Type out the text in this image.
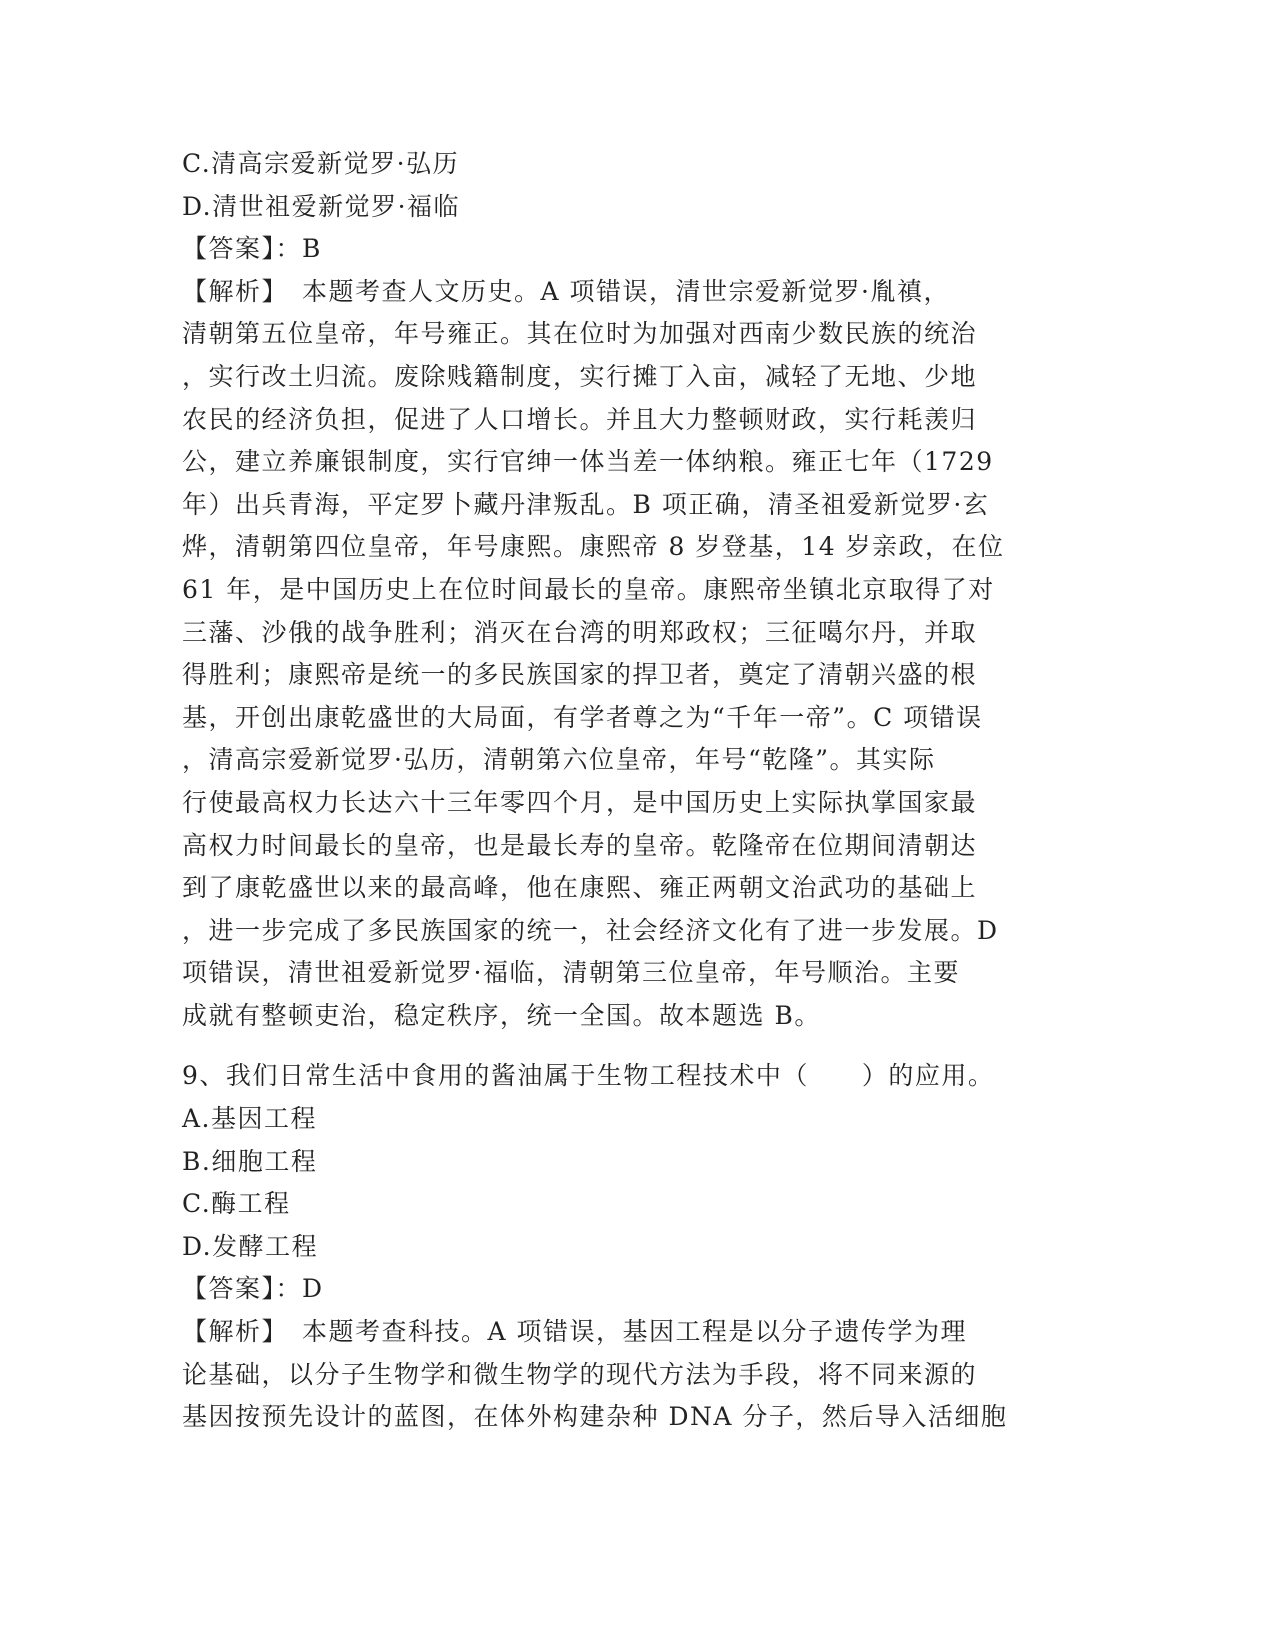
C.清高宗爱新觉罗·弘历
D.清世祖爱新觉罗·福临
【答案】：B
【解析】　本题考查人文历史。A 项错误，清世宗爱新觉罗·胤禛，
清朝第五位皇帝，年号雍正。其在位时为加强对西南少数民族的统治
，实行改土归流。废除贱籍制度，实行摊丁入亩，减轻了无地、少地
农民的经济负担，促进了人口增长。并且大力整顿财政，实行耗羡归
公，建立养廉银制度，实行官绅一体当差一体纳粮。雍正七年（1729
年）出兵青海，平定罗卜藏丹津叛乱。B 项正确，清圣祖爱新觉罗·玄
烨，清朝第四位皇帝，年号康熙。康熙帝 8 岁登基，14 岁亲政，在位
61 年，是中国历史上在位时间最长的皇帝。康熙帝坐镇北京取得了对
三藩、沙俄的战争胜利；消灭在台湾的明郑政权；三征噶尔丹，并取
得胜利；康熙帝是统一的多民族国家的捍卫者，奠定了清朝兴盛的根
基，开创出康乾盛世的大局面，有学者尊之为“千年一帝”。C 项错误
，清高宗爱新觉罗·弘历，清朝第六位皇帝，年号“乾隆”。其实际
行使最高权力长达六十三年零四个月，是中国历史上实际执掌国家最
高权力时间最长的皇帝，也是最长寿的皇帝。乾隆帝在位期间清朝达
到了康乾盛世以来的最高峰，他在康熙、雍正两朝文治武功的基础上
，进一步完成了多民族国家的统一，社会经济文化有了进一步发展。D
项错误，清世祖爱新觉罗·福临，清朝第三位皇帝，年号顺治。主要
成就有整顿吏治，稳定秩序，统一全国。故本题选 B。
9、我们日常生活中食用的酱油属于生物工程技术中（　　）的应用。
A.基因工程
B.细胞工程
C.酶工程
D.发酵工程
【答案】：D
【解析】　本题考查科技。A 项错误，基因工程是以分子遗传学为理
论基础，以分子生物学和微生物学的现代方法为手段，将不同来源的
基因按预先设计的蓝图，在体外构建杂种 DNA 分子，然后导入活细胞
